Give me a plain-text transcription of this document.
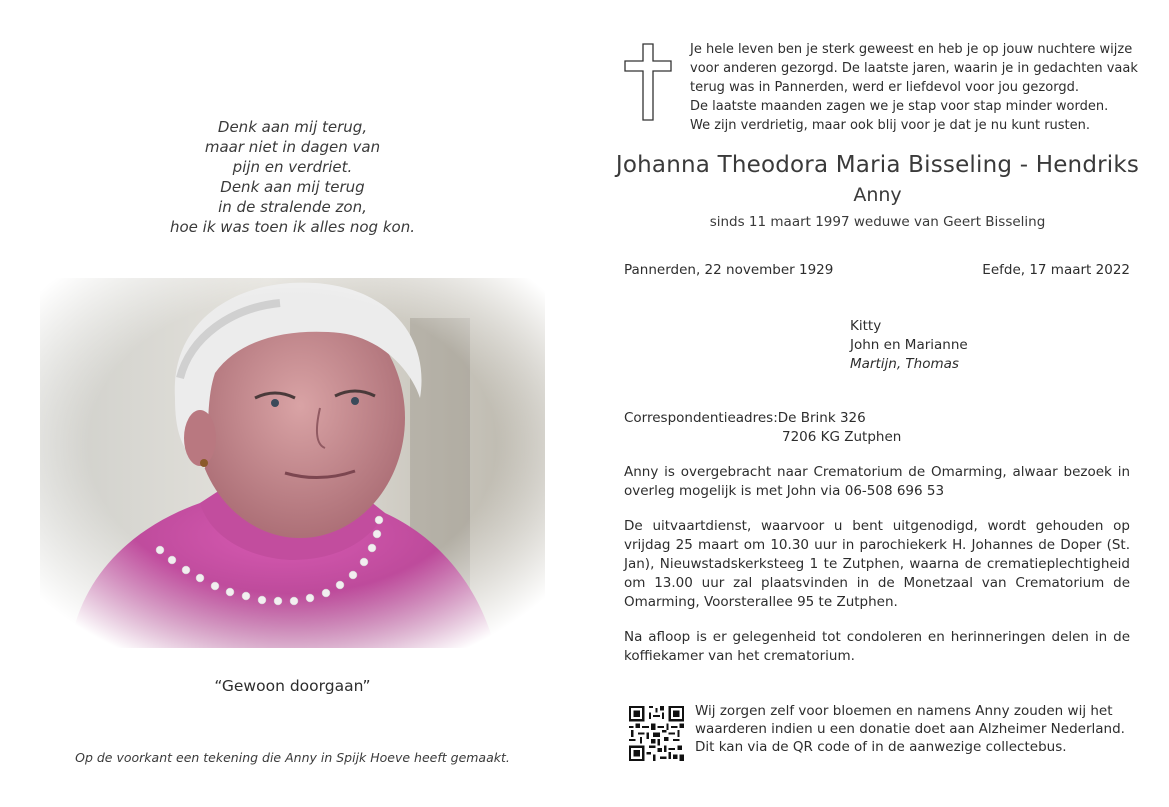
Denk aan mij terug,
maar niet in dagen van
pijn en verdriet.
Denk aan mij terug
in de stralende zon,
hoe ik was toen ik alles nog kon.
“Gewoon doorgaan”
Op de voorkant een tekening die Anny in Spijk Hoeve heeft gemaakt.
Je hele leven ben je sterk geweest en heb je op jouw nuchtere wijze
voor anderen gezorgd. De laatste jaren, waarin je in gedachten vaak
terug was in Pannerden, werd er liefdevol voor jou gezorgd.
De laatste maanden zagen we je stap voor stap minder worden.
We zijn verdrietig, maar ook blij voor je dat je nu kunt rusten.
Johanna Theodora Maria Bisseling - Hendriks
Anny
sinds 11 maart 1997 weduwe van Geert Bisseling
Pannerden, 22 november 1929	Eefde, 17 maart 2022
Kitty
John en Marianne
Martijn, Thomas
Correspondentieadres:De Brink 326
7206 KG Zutphen
Anny is overgebracht naar Crematorium de Omarming, alwaar bezoek in overleg mogelijk is met John via 06-508 696 53
De uitvaartdienst, waarvoor u bent uitgenodigd, wordt gehouden op vrijdag 25 maart om 10.30 uur in parochiekerk H. Johannes de Doper (St. Jan), Nieuwstadskerksteeg 1 te Zutphen, waarna de crematieplechtigheid om 13.00 uur zal plaatsvinden in de Monetzaal van Crematorium de Omarming, Voorsterallee 95 te Zutphen.
Na afloop is er gelegenheid tot condoleren en herinneringen delen in de koffiekamer van het crematorium.
Wij zorgen zelf voor bloemen en namens Anny zouden wij het
waarderen indien u een donatie doet aan Alzheimer Nederland.
Dit kan via de QR code of in de aanwezige collectebus.
